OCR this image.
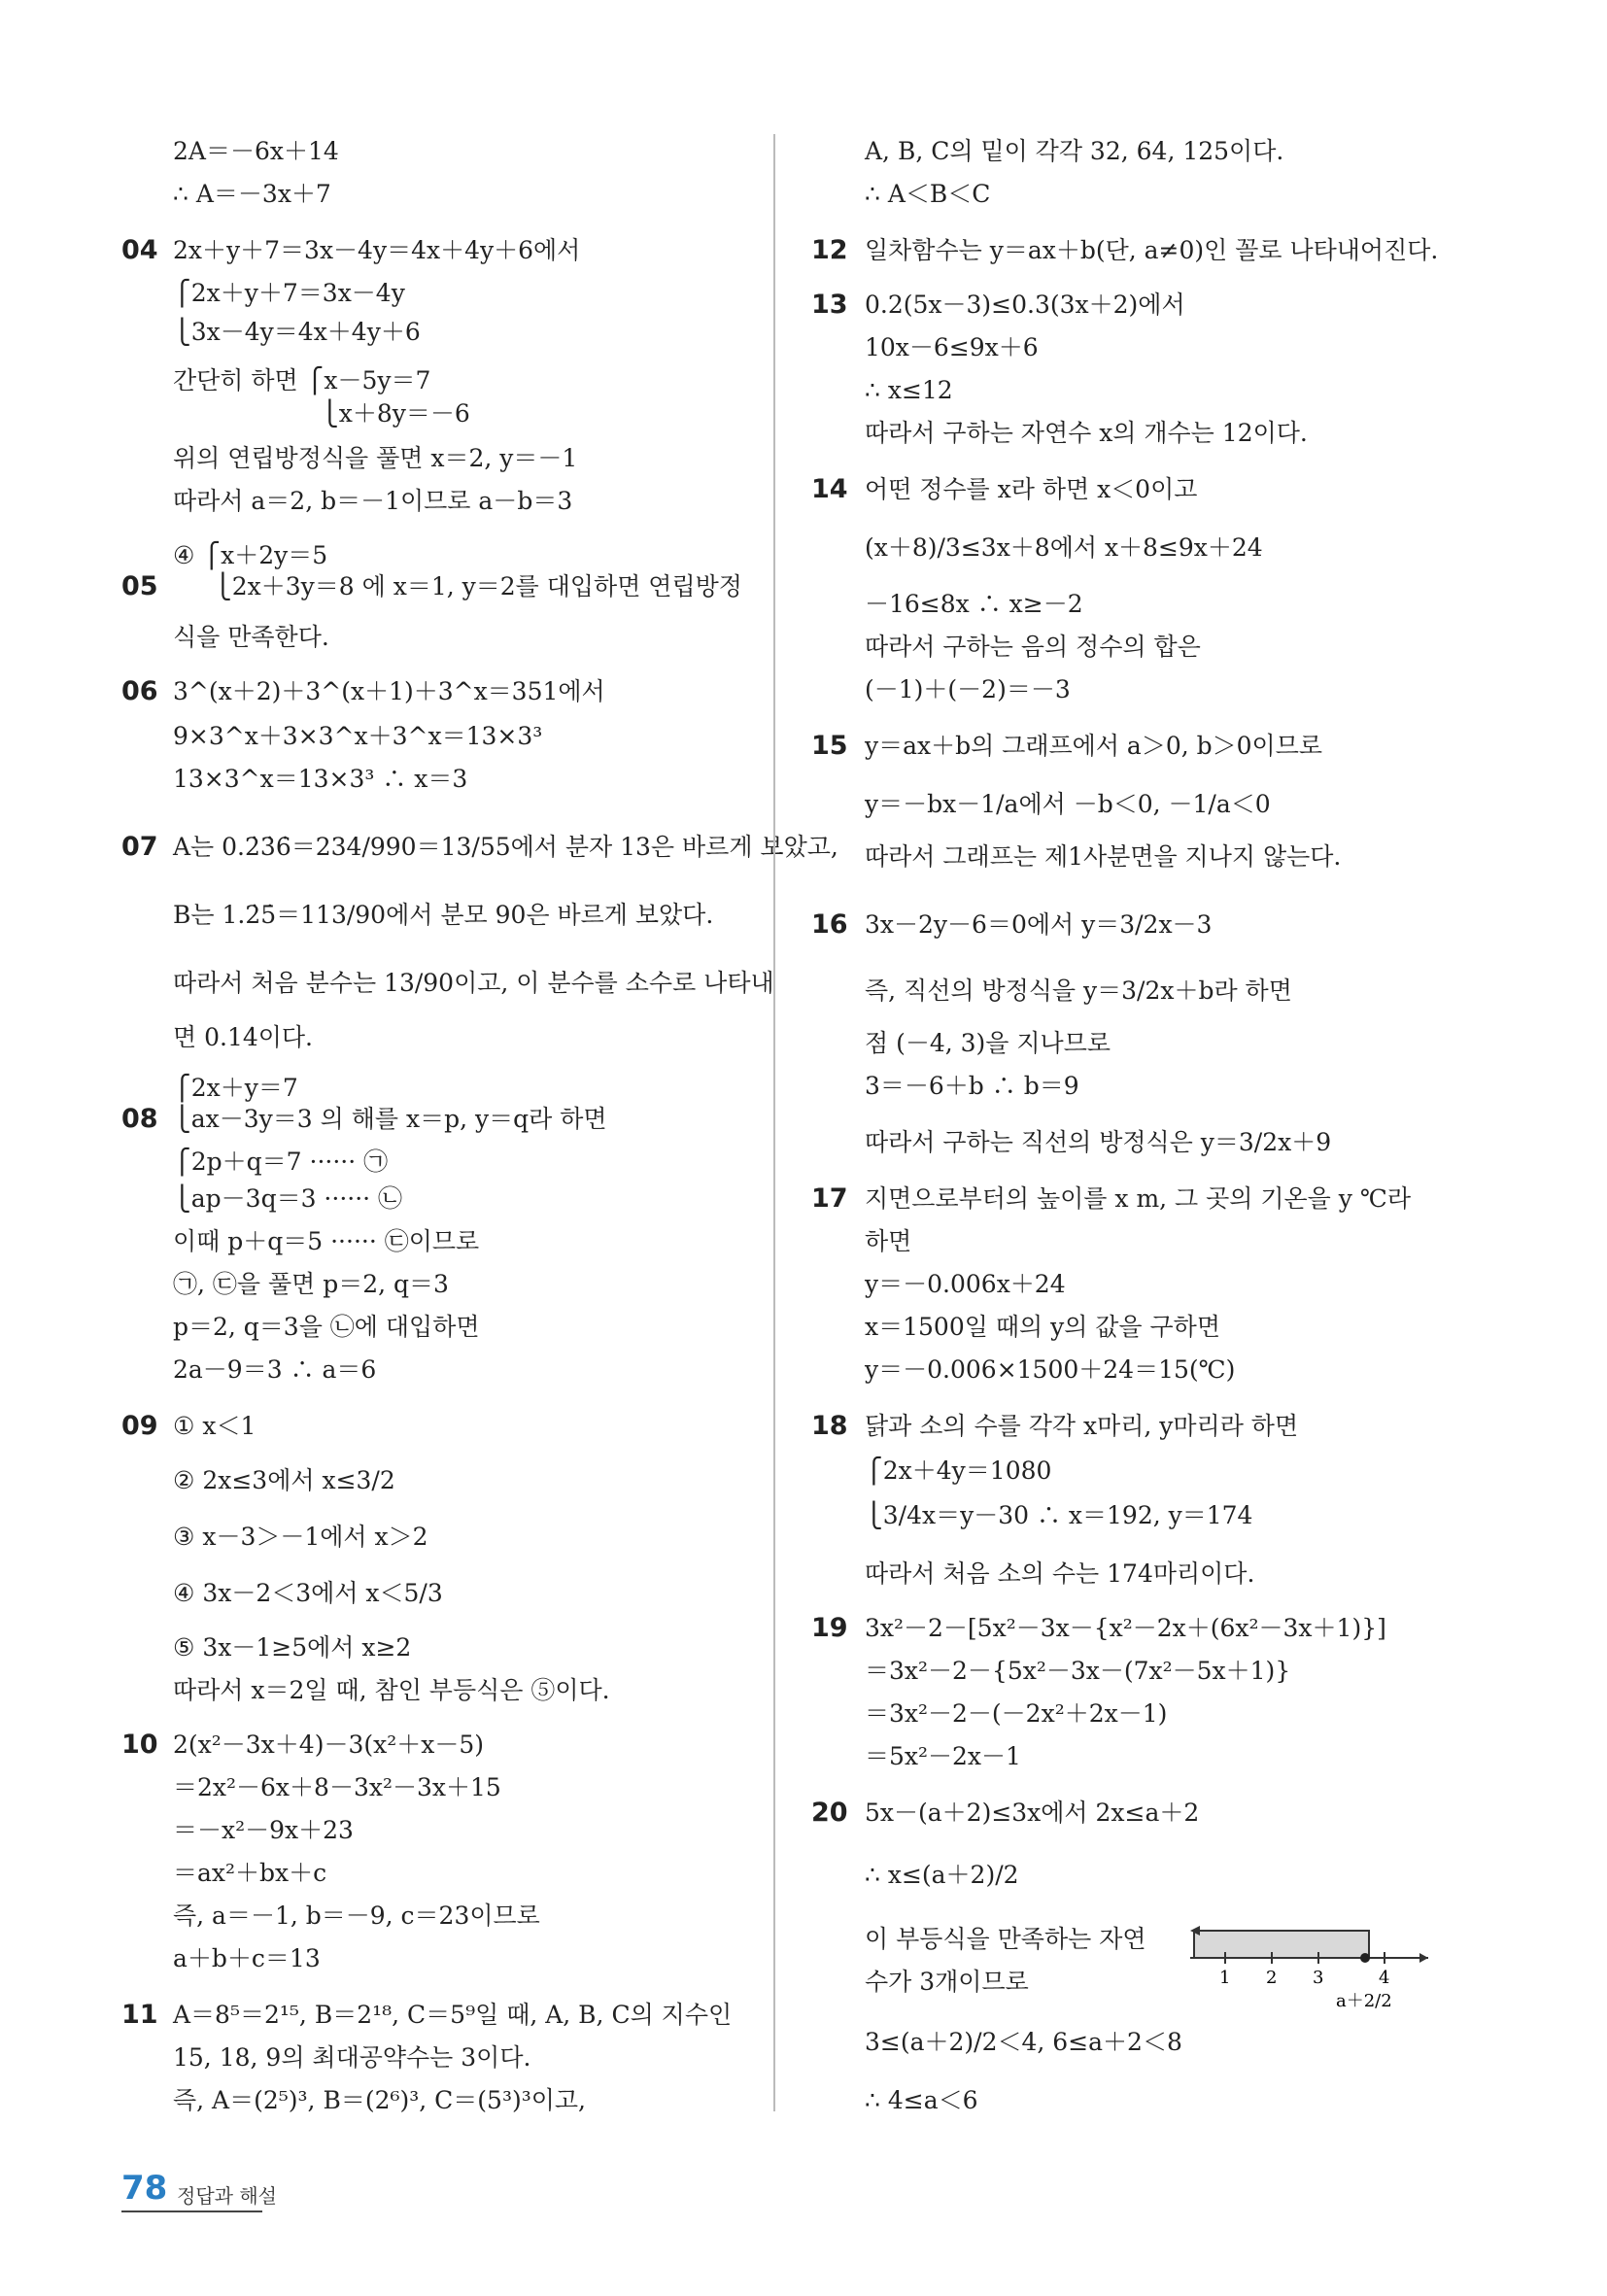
2A＝－6x＋14
∴ A＝－3x＋7
04 2x＋y＋7＝3x－4y＝4x＋4y＋6에서
⎧2x＋y＋7＝3x－4y
⎩3x－4y＝4x＋4y＋6
간단히 하면 ⎧x－5y＝7
⎩x＋8y＝－6
위의 연립방정식을 풀면 x＝2, y＝－1
따라서 a＝2, b＝－1이므로 a－b＝3
④ ⎧x＋2y＝5
05 ⎩2x＋3y＝8 에 x＝1, y＝2를 대입하면 연립방정
식을 만족한다.
06 3^(x＋2)＋3^(x＋1)＋3^x＝351에서
9×3^x＋3×3^x＋3^x＝13×3³
13×3^x＝13×3³ ∴ x＝3
07 A는 0.2̇3̇6̇＝234/990＝13/55에서 분자 13은 바르게 보았고,
B는 1.2̇5̇＝113/90에서 분모 90은 바르게 보았다.
따라서 처음 분수는 13/90이고, 이 분수를 소수로 나타내
면 0.14̇이다.
⎧2x＋y＝7
08 ⎩ax－3y＝3 의 해를 x＝p, y＝q라 하면
⎧2p＋q＝7 ······ ㉠
⎩ap－3q＝3 ······ ㉡
이때 p＋q＝5 ······ ㉢이므로
㉠, ㉢을 풀면 p＝2, q＝3
p＝2, q＝3을 ㉡에 대입하면
2a－9＝3 ∴ a＝6
09 ① x＜1
② 2x≤3에서 x≤3/2
③ x－3＞－1에서 x＞2
④ 3x－2＜3에서 x＜5/3
⑤ 3x－1≥5에서 x≥2
따라서 x＝2일 때, 참인 부등식은 ⑤이다.
10 2(x²－3x＋4)－3(x²＋x－5)
＝2x²－6x＋8－3x²－3x＋15
＝－x²－9x＋23
＝ax²＋bx＋c
즉, a＝－1, b＝－9, c＝23이므로
a＋b＋c＝13
11 A＝8⁵＝2¹⁵, B＝2¹⁸, C＝5⁹일 때, A, B, C의 지수인
15, 18, 9의 최대공약수는 3이다.
즉, A＝(2⁵)³, B＝(2⁶)³, C＝(5³)³이고,
A, B, C의 밑이 각각 32, 64, 125이다.
∴ A＜B＜C
12 일차함수는 y＝ax＋b(단, a≠0)인 꼴로 나타내어진다.
13 0.2(5x－3)≤0.3(3x＋2)에서
10x－6≤9x＋6
∴ x≤12
따라서 구하는 자연수 x의 개수는 12이다.
14 어떤 정수를 x라 하면 x＜0이고
(x＋8)/3≤3x＋8에서 x＋8≤9x＋24
－16≤8x ∴ x≥－2
따라서 구하는 음의 정수의 합은
(－1)＋(－2)＝－3
15 y＝ax＋b의 그래프에서 a＞0, b＞0이므로
y＝－bx－1/a에서 －b＜0, －1/a＜0
따라서 그래프는 제1사분면을 지나지 않는다.
16 3x－2y－6＝0에서 y＝3/2x－3
즉, 직선의 방정식을 y＝3/2x＋b라 하면
점 (－4, 3)을 지나므로
3＝－6＋b ∴ b＝9
따라서 구하는 직선의 방정식은 y＝3/2x＋9
17 지면으로부터의 높이를 x m, 그 곳의 기온을 y ℃라
하면
y＝－0.006x＋24
x＝1500일 때의 y의 값을 구하면
y＝－0.006×1500＋24＝15(℃)
18 닭과 소의 수를 각각 x마리, y마리라 하면
⎧2x＋4y＝1080
⎩3/4x＝y－30 ∴ x＝192, y＝174
따라서 처음 소의 수는 174마리이다.
19 3x²－2－[5x²－3x－{x²－2x＋(6x²－3x＋1)}]
＝3x²－2－{5x²－3x－(7x²－5x＋1)}
＝3x²－2－(－2x²＋2x－1)
＝5x²－2x－1
20 5x－(a＋2)≤3x에서 2x≤a＋2
∴ x≤(a＋2)/2
이 부등식을 만족하는 자연
수가 3개이므로
3≤(a＋2)/2＜4, 6≤a＋2＜8
∴ 4≤a＜6
1 2 3	4
a＋2/2
78 정답과 해설
